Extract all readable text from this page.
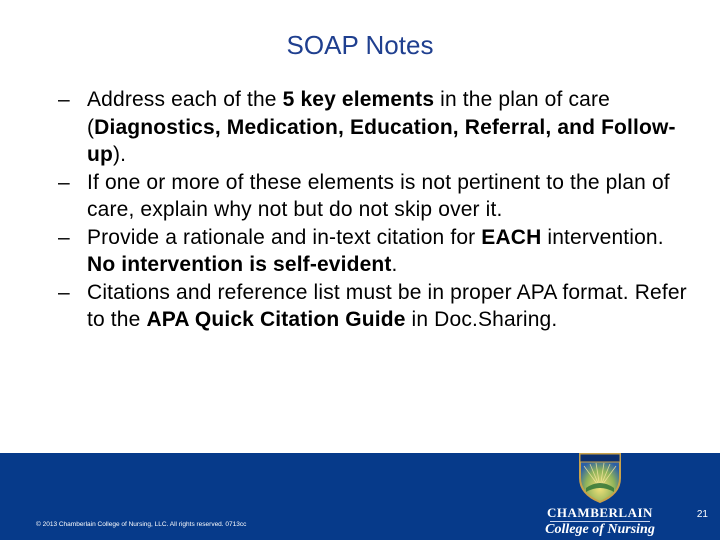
SOAP Notes
– Address each of the 5 key elements in the plan of care (Diagnostics, Medication, Education, Referral, and Follow-up).
– If one or more of these elements is not pertinent to the plan of care, explain why not but do not skip over it.
– Provide a rationale and in-text citation for EACH intervention. No intervention is self-evident.
– Citations and reference list must be in proper APA format. Refer to the APA Quick Citation Guide in Doc.Sharing.
© 2013 Chamberlain College of Nursing, LLC. All rights reserved. 0713cc
21
CHAMBERLAIN
College of Nursing
